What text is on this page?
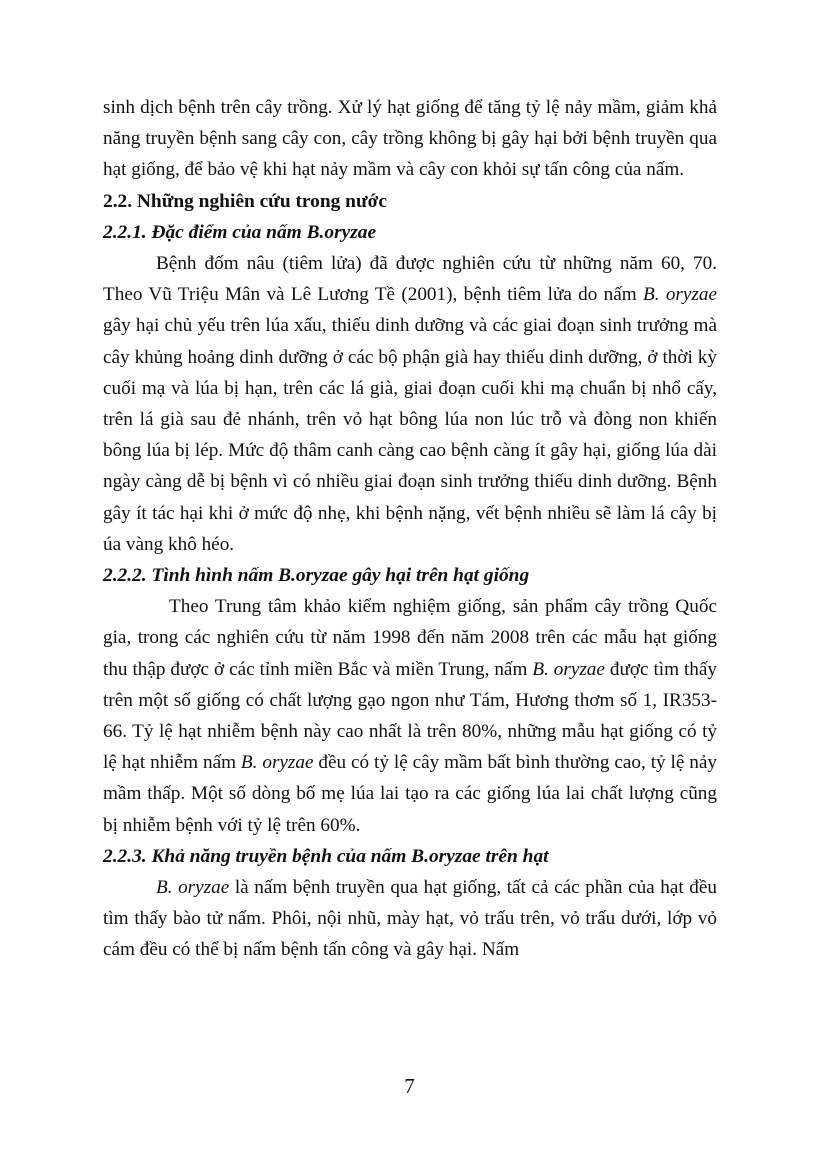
sinh dịch bệnh trên cây trồng. Xử lý hạt giống để tăng tỷ lệ nảy mầm, giảm khả năng truyền bệnh sang cây con, cây trồng không bị gây hại bởi bệnh truyền qua hạt giống, để bảo vệ khi hạt nảy mầm và cây con khỏi sự tấn công của nấm.

2.2. Những nghiên cứu trong nước
2.2.1. Đặc điểm của nấm B.oryzae

Bệnh đốm nâu (tiêm lửa) đã được nghiên cứu từ những năm 60, 70. Theo Vũ Triệu Mân và Lê Lương Tề (2001), bệnh tiêm lửa do nấm B. oryzae gây hại chủ yếu trên lúa xấu, thiếu dinh dưỡng và các giai đoạn sinh trưởng mà cây khủng hoảng dinh dưỡng ở các bộ phận già hay thiếu dinh dưỡng, ở thời kỳ cuối mạ và lúa bị hạn, trên các lá già, giai đoạn cuối khi mạ chuẩn bị nhổ cấy, trên lá già sau đẻ nhánh, trên vỏ hạt bông lúa non lúc trỗ và đòng non khiến bông lúa bị lép. Mức độ thâm canh càng cao bệnh càng ít gây hại, giống lúa dài ngày càng dễ bị bệnh vì có nhiều giai đoạn sinh trưởng thiếu dinh dưỡng. Bệnh gây ít tác hại khi ở mức độ nhẹ, khi bệnh nặng, vết bệnh nhiều sẽ làm lá cây bị úa vàng khô héo.

2.2.2. Tình hình nấm B.oryzae gây hại trên hạt giống

Theo Trung tâm khảo kiểm nghiệm giống, sản phẩm cây trồng Quốc gia, trong các nghiên cứu từ năm 1998 đến năm 2008 trên các mẫu hạt giống thu thập được ở các tỉnh miền Bắc và miền Trung, nấm B. oryzae được tìm thấy trên một số giống có chất lượng gạo ngon như Tám, Hương thơm số 1, IR353-66. Tỷ lệ hạt nhiễm bệnh này cao nhất là trên 80%, những mẫu hạt giống có tỷ lệ hạt nhiễm nấm B. oryzae đều có tỷ lệ cây mầm bất bình thường cao, tỷ lệ nảy mầm thấp. Một số dòng bố mẹ lúa lai tạo ra các giống lúa lai chất lượng cũng bị nhiễm bệnh với tỷ lệ trên 60%.

2.2.3. Khả năng truyền bệnh của nấm B.oryzae trên hạt

B. oryzae là nấm bệnh truyền qua hạt giống, tất cả các phần của hạt đều tìm thấy bào tử nấm. Phôi, nội nhũ, mày hạt, vỏ trấu trên, vỏ trấu dưới, lớp vỏ cám đều có thể bị nấm bệnh tấn công và gây hại. Nấm

7
